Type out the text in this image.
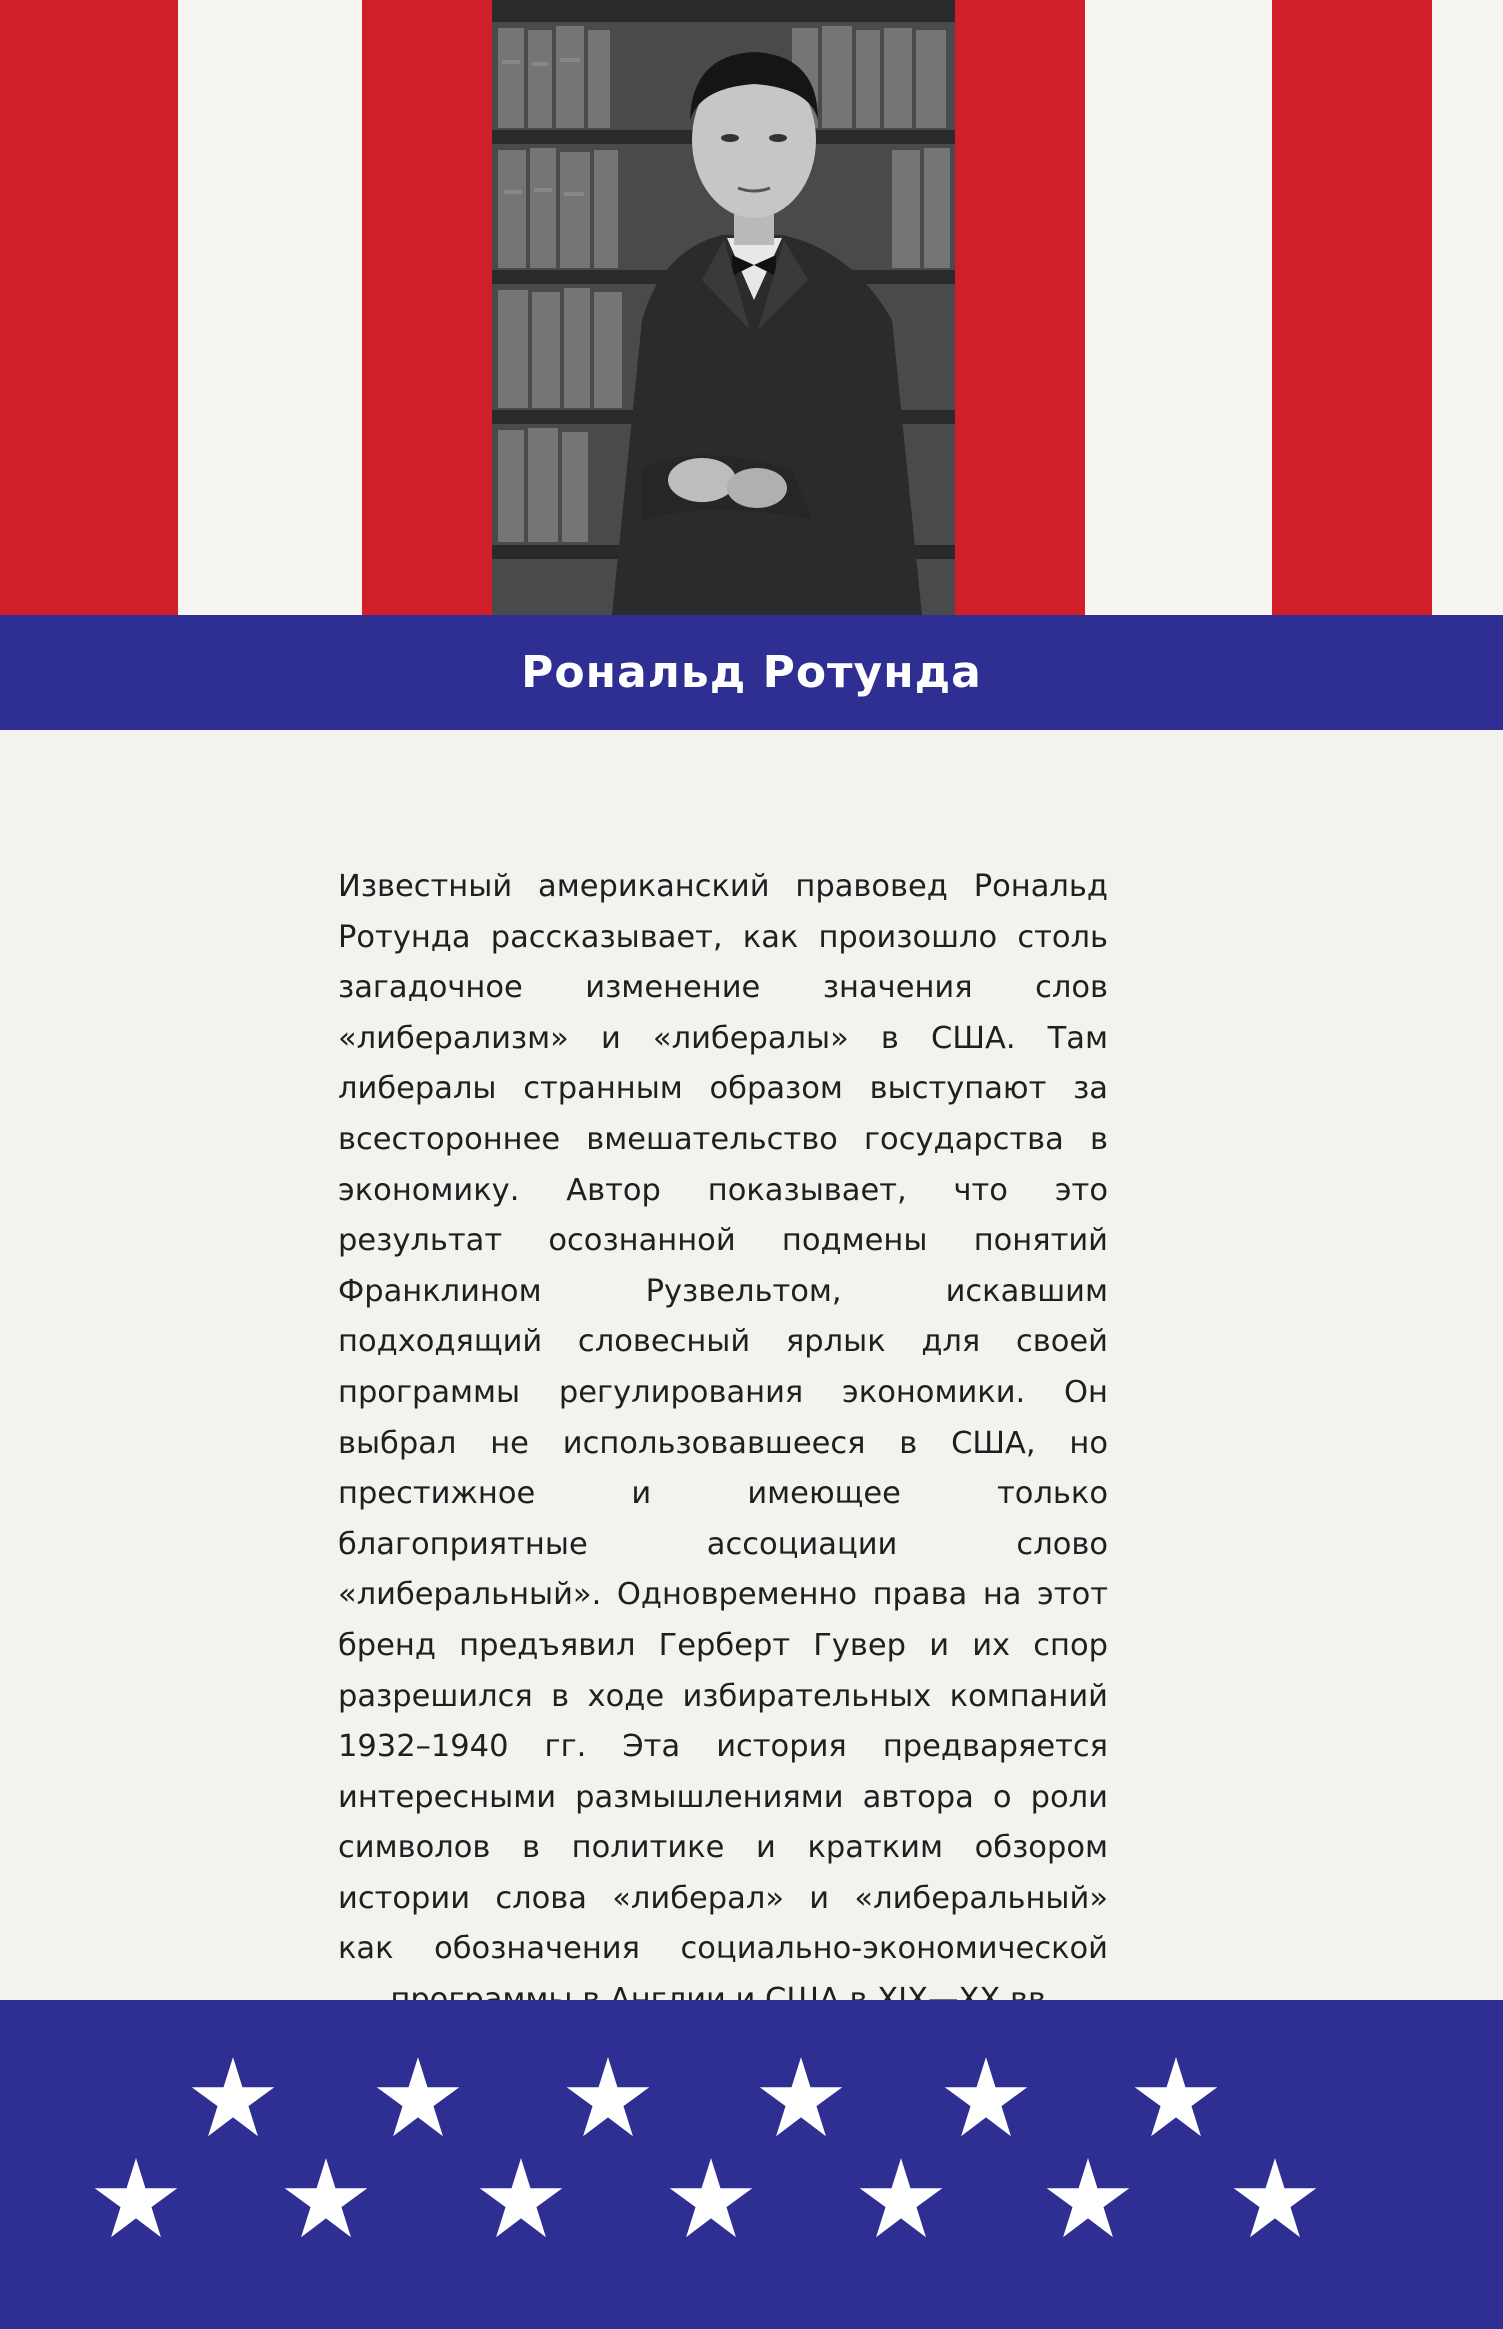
Рональд Ротунда
Известный американский правовед Рональд Ротунда рассказывает, как произошло столь загадочное изменение значения слов «либерализм» и «либералы» в США. Там либералы странным образом выступают за всестороннее вмешательство государства в экономику. Автор показывает, что это результат осознанной подмены понятий Франклином Рузвельтом, искавшим подходящий словесный ярлык для своей программы регулирования экономики. Он выбрал не использовавшееся в США, но престижное и имеющее только благоприятные ассоциации слово «либеральный». Одновременно права на этот бренд предъявил Герберт Гувер и их спор разрешился в ходе избирательных компаний 1932–1940 гг. Эта история предваряется интересными размышлениями автора о роли символов в политике и кратким обзором истории слова «либерал» и «либеральный» как обозначения социально-экономической
